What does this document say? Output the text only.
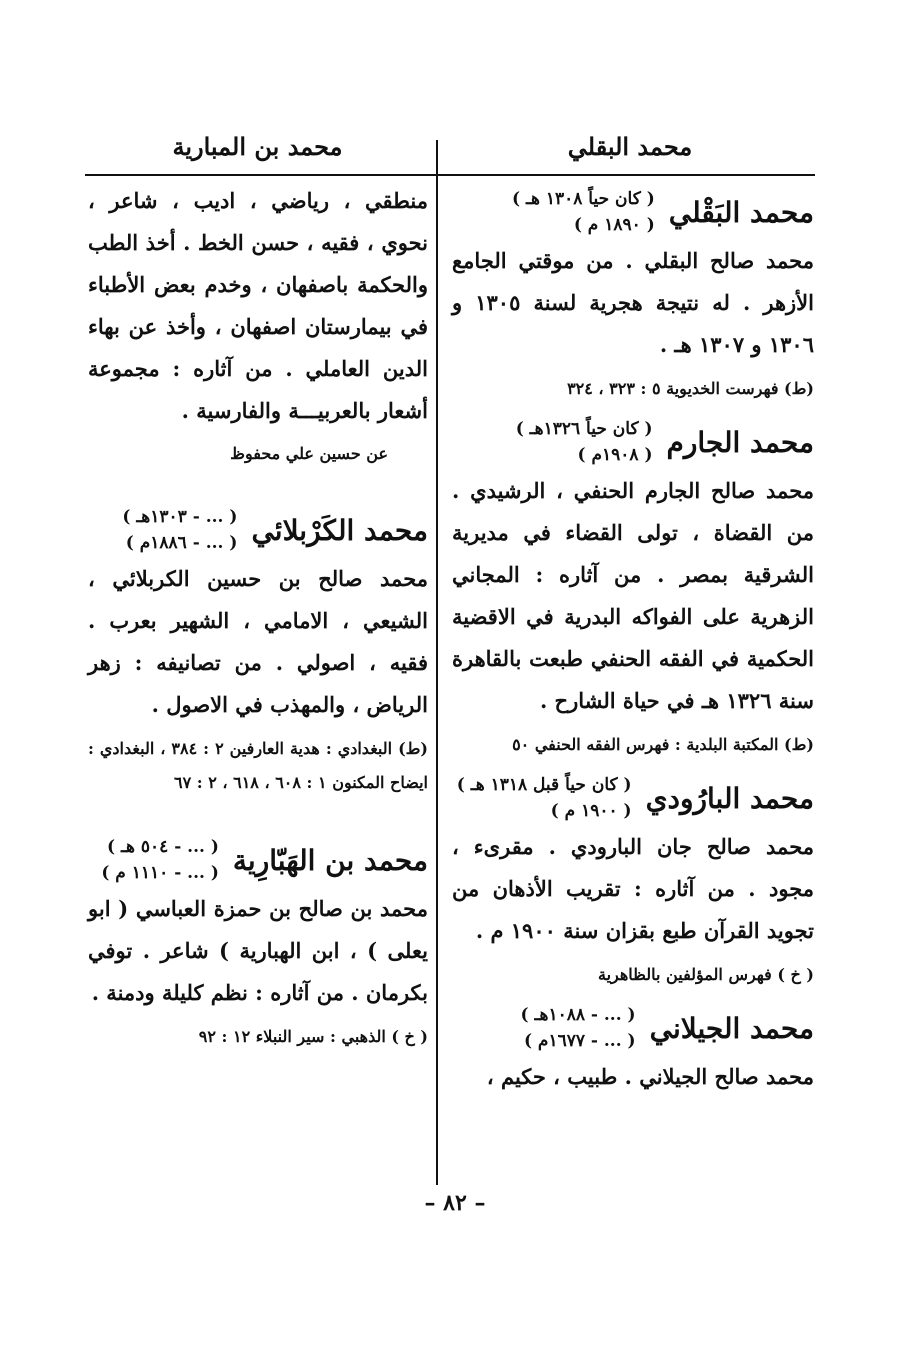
محمد البقلي
محمد بن المبارية
محمد البَقْلي
( كان حياً ١٣٠٨ هـ )
( ١٨٩٠ م )

محمد صالح البقلي . من موقتي الجامع الأزهر . له نتيجة هجرية لسنة ١٣٠٥ و ١٣٠٦ و ١٣٠٧ هـ .

(ط) فهرست الخديوية ٥ : ٣٢٣ ، ٣٢٤

محمد الجارم
( كان حياً ١٣٢٦هـ )
( ١٩٠٨م )

محمد صالح الجارم الحنفي ، الرشيدي . من القضاة ، تولى القضاء في مديرية الشرقية بمصر . من آثاره : المجاني الزهرية على الفواكه البدرية في الاقضية الحكمية في الفقه الحنفي طبعت بالقاهرة سنة ١٣٢٦ هـ في حياة الشارح .

(ط) المكتبة البلدية : فهرس الفقه الحنفي ٥٠

محمد البارُودي
( كان حياً قبل ١٣١٨ هـ )
( ١٩٠٠ م )

محمد صالح جان البارودي . مقرىء ، مجود . من آثاره : تقريب الأذهان من تجويد القرآن طبع بقزان سنة ١٩٠٠ م .

( خ ) فهرس المؤلفين بالظاهرية

محمد الجيلاني
( ... - ١٠٨٨هـ )
( ... - ١٦٧٧م )

محمد صالح الجيلاني . طبيب ، حكيم ،

منطقي ، رياضي ، اديب ، شاعر ، نحوي ، فقيه ، حسن الخط . أخذ الطب والحكمة باصفهان ، وخدم بعض الأطباء في بيمارستان اصفهان ، وأخذ عن بهاء الدين العاملي . من آثاره : مجموعة أشعار بالعربيـــة والفارسية .

عن حسين علي محفوظ

محمد الكَرْبلائي
( ... - ١٣٠٣هـ )
( ... - ١٨٨٦م )

محمد صالح بن حسين الكربلائي ، الشيعي ، الامامي ، الشهير بعرب . فقيه ، اصولي . من تصانيفه : زهر الرياض ، والمهذب في الاصول .

(ط) البغدادي : هدية العارفين ٢ : ٣٨٤ ، البغدادي : ايضاح المكنون ١ : ٦٠٨ ، ٦١٨ ، ٢ : ٦٧

محمد بن الهَبّارِية
( ... - ٥٠٤ هـ )
( ... - ١١١٠ م )

محمد بن صالح بن حمزة العباسي ( ابو يعلى ) ، ابن الهبارية ) شاعر . توفي بكرمان . من آثاره : نظم كليلة ودمنة .

( خ ) الذهبي : سير النبلاء ١٢ : ٩٢

– ٨٢ –
